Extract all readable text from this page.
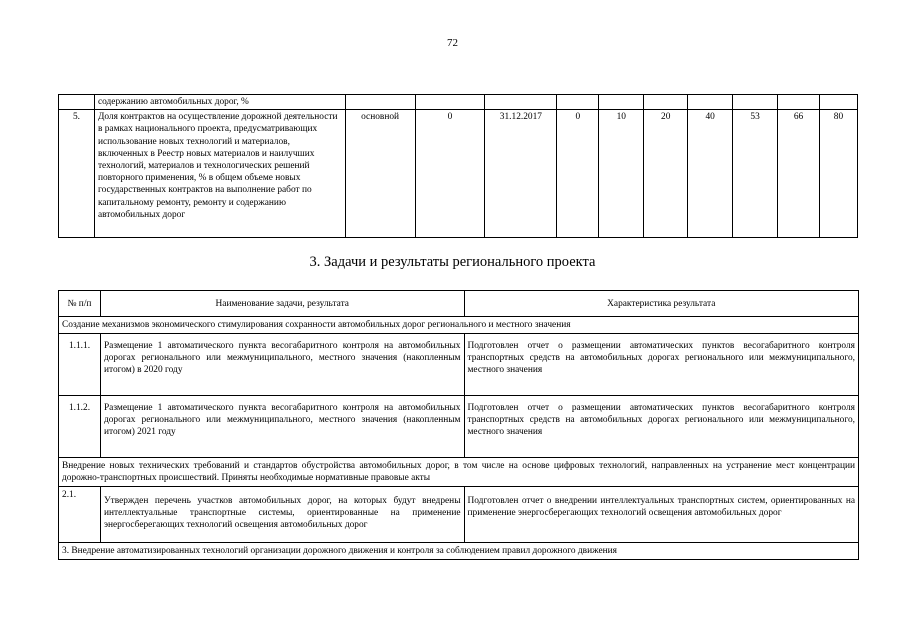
72
	содержанию автомобильных дорог, %										
5.	Доля контрактов на осуществление дорожной деятельности в рамках национального проекта, предусматривающих использование новых технологий и материалов, включенных в Реестр новых материалов и наилучших технологий, материалов и технологических решений повторного применения, % в общем объеме новых государственных контрактов на выполнение работ по капитальному ремонту, ремонту и содержанию автомобильных дорог	основной	0	31.12.2017	0	10	20	40	53	66	80
3. Задачи и результаты регионального проекта
№ п/п	Наименование задачи, результата	Характеристика результата
Создание механизмов экономического стимулирования сохранности автомобильных дорог регионального и местного значения		
1.1.1.	Размещение 1 автоматического пункта весогабаритного контроля на автомобильных дорогах регионального или межмуниципального, местного значения (накопленным итогом) в 2020 году	Подготовлен отчет о размещении автоматических пунктов весогабаритного контроля транспортных средств на автомобильных дорогах регионального или межмуниципального, местного значения
1.1.2.	Размещение 1 автоматического пункта весогабаритного контроля на автомобильных дорогах регионального или межмуниципального, местного значения (накопленным итогом) 2021 году	Подготовлен отчет о размещении автоматических пунктов весогабаритного контроля транспортных средств на автомобильных дорогах регионального или межмуниципального, местного значения
Внедрение новых технических требований и стандартов обустройства автомобильных дорог, в том числе на основе цифровых технологий, направленных на устранение мест концентрации дорожно-транспортных происшествий. Приняты необходимые нормативные правовые акты		
2.1.	Утвержден перечень участков автомобильных дорог, на которых будут внедрены интеллектуальные транспортные системы, ориентированные на применение энергосберегающих технологий освещения автомобильных дорог	Подготовлен отчет о внедрении интеллектуальных транспортных систем, ориентированных на применение энергосберегающих технологий освещения автомобильных дорог
3. Внедрение автоматизированных технологий организации дорожного движения и контроля за соблюдением правил дорожного движения		
